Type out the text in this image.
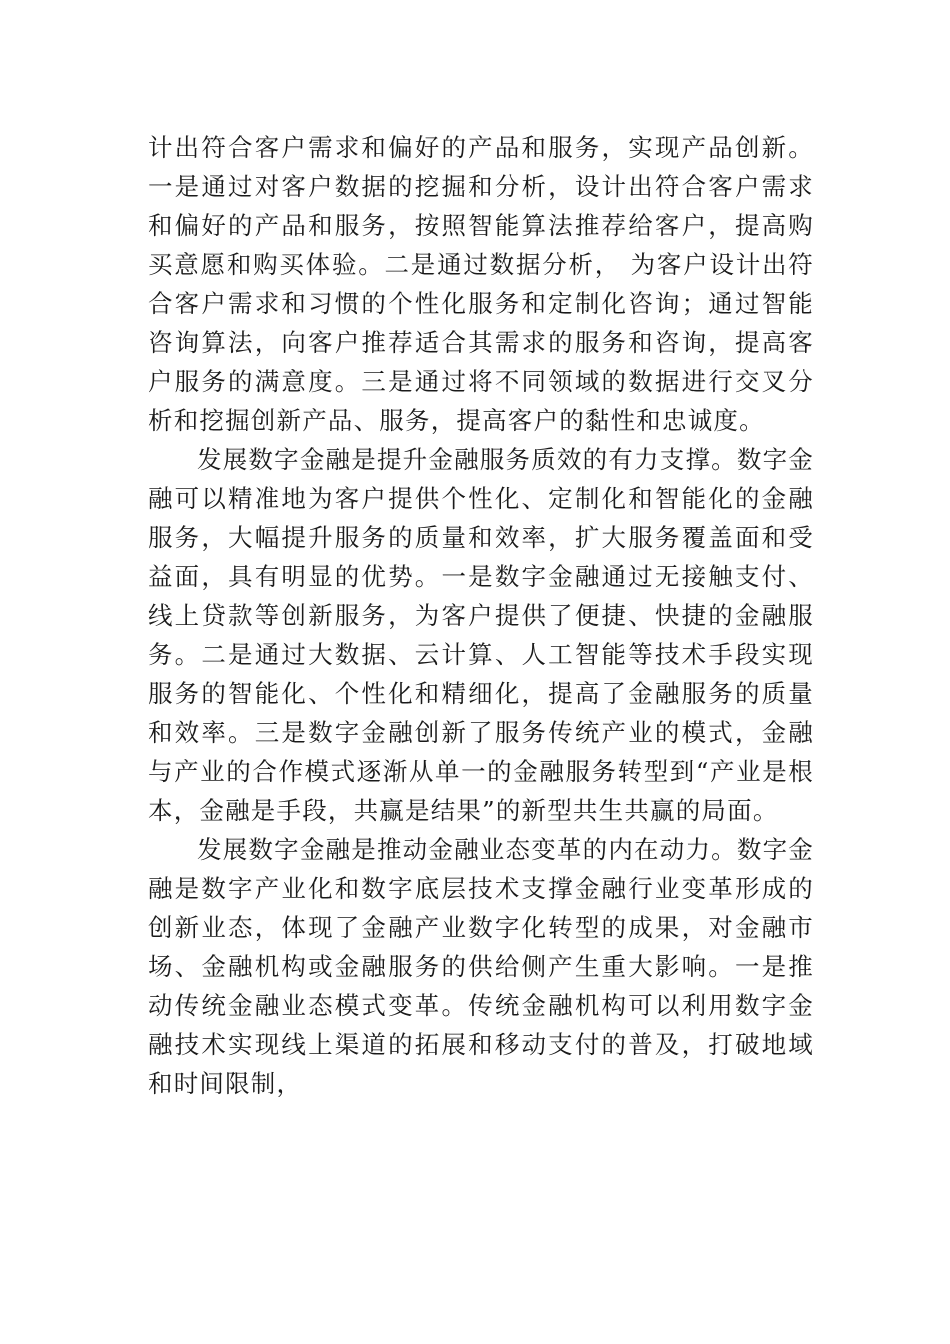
计出符合客户需求和偏好的产品和服务，实现产品创新。一是通过对客户数据的挖掘和分析，设计出符合客户需求和偏好的产品和服务，按照智能算法推荐给客户，提高购买意愿和购买体验。二是通过数据分析， 为客户设计出符合客户需求和习惯的个性化服务和定制化咨询；通过智能咨询算法，向客户推荐适合其需求的服务和咨询，提高客户服务的满意度。三是通过将不同领域的数据进行交叉分析和挖掘创新产品、服务，提高客户的黏性和忠诚度。

发展数字金融是提升金融服务质效的有力支撑。数字金融可以精准地为客户提供个性化、定制化和智能化的金融服务，大幅提升服务的质量和效率，扩大服务覆盖面和受益面，具有明显的优势。一是数字金融通过无接触支付、线上贷款等创新服务，为客户提供了便捷、快捷的金融服务。二是通过大数据、云计算、人工智能等技术手段实现服务的智能化、个性化和精细化，提高了金融服务的质量和效率。三是数字金融创新了服务传统产业的模式，金融与产业的合作模式逐渐从单一的金融服务转型到“产业是根本，金融是手段，共赢是结果”的新型共生共赢的局面。

发展数字金融是推动金融业态变革的内在动力。数字金融是数字产业化和数字底层技术支撑金融行业变革形成的创新业态，体现了金融产业数字化转型的成果，对金融市场、金融机构或金融服务的供给侧产生重大影响。一是推动传统金融业态模式变革。传统金融机构可以利用数字金融技术实现线上渠道的拓展和移动支付的普及，打破地域和时间限制，
